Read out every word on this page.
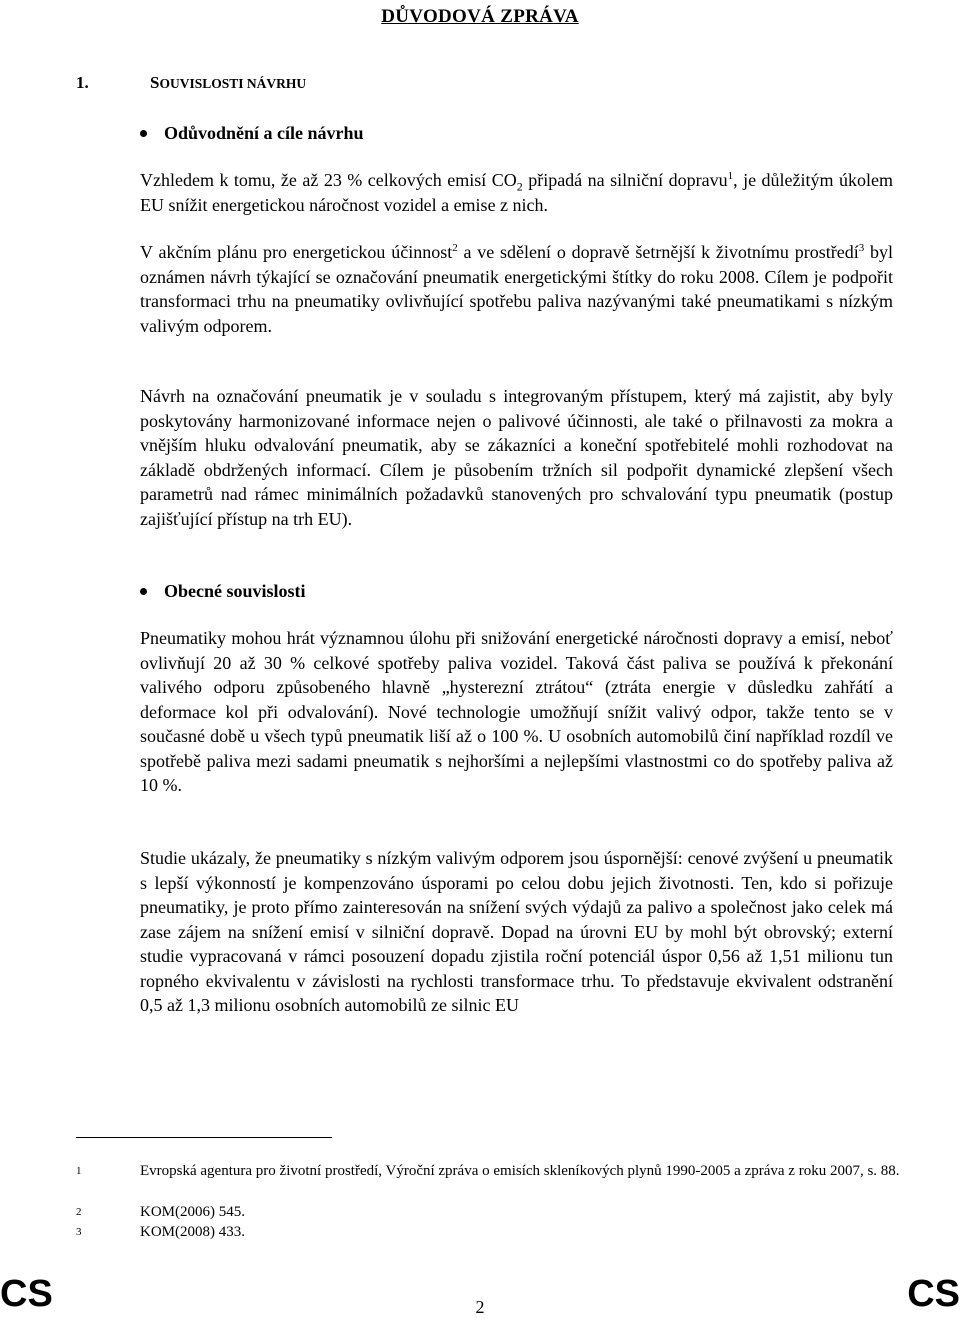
DŮVODOVÁ ZPRÁVA
1.	SOUVISLOSTI NÁVRHU
Odůvodnění a cíle návrhu
Vzhledem k tomu, že až 23 % celkových emisí $CO_2$ připadá na silniční dopravu$^1$, je důležitým úkolem EU snížit energetickou náročnost vozidel a emise z nich.
V akčním plánu pro energetickou účinnost$^2$ a ve sdělení o dopravě šetrnější k životnímu prostředí$^3$ byl oznámen návrh týkající se označování pneumatik energetickými štítky do roku 2008. Cílem je podpořit transformaci trhu na pneumatiky ovlivňující spotřebu paliva nazývanými také pneumatikami s nízkým valivým odporem.
Návrh na označování pneumatik je v souladu s integrovaným přístupem, který má zajistit, aby byly poskytovány harmonizované informace nejen o palivové účinnosti, ale také o přilnavosti za mokra a vnějším hluku odvalování pneumatik, aby se zákazníci a koneční spotřebitelé mohli rozhodovat na základě obdržených informací. Cílem je působením tržních sil podpořit dynamické zlepšení všech parametrů nad rámec minimálních požadavků stanovených pro schvalování typu pneumatik (postup zajišťující přístup na trh EU).
Obecné souvislosti
Pneumatiky mohou hrát významnou úlohu při snižování energetické náročnosti dopravy a emisí, neboť ovlivňují 20 až 30 % celkové spotřeby paliva vozidel. Taková část paliva se používá k překonání valivého odporu způsobeného hlavně „hysterezní ztrátou“ (ztráta energie v důsledku zahřátí a deformace kol při odvalování). Nové technologie umožňují snížit valivý odpor, takže tento se v současné době u všech typů pneumatik liší až o 100 %. U osobních automobilů činí například rozdíl ve spotřebě paliva mezi sadami pneumatik s nejhoršími a nejlepšími vlastnostmi co do spotřeby paliva až 10 %.
Studie ukázaly, že pneumatiky s nízkým valivým odporem jsou úspornější: cenové zvýšení u pneumatik s lepší výkonností je kompenzováno úsporami po celou dobu jejich životnosti. Ten, kdo si pořizuje pneumatiky, je proto přímo zainteresován na snížení svých výdajů za palivo a společnost jako celek má zase zájem na snížení emisí v silniční dopravě. Dopad na úrovni EU by mohl být obrovský; externí studie vypracovaná v rámci posouzení dopadu zjistila roční potenciál úspor 0,56 až 1,51 milionu tun ropného ekvivalentu v závislosti na rychlosti transformace trhu. To představuje ekvivalent odstranění 0,5 až 1,3 milionu osobních automobilů ze silnic EU
1	Evropská agentura pro životní prostředí, Výroční zpráva o emisích skleníkových plynů 1990-2005 a zpráva z roku 2007, s. 88.
2	KOM(2006) 545.
3	KOM(2008) 433.
CS	2	CS
